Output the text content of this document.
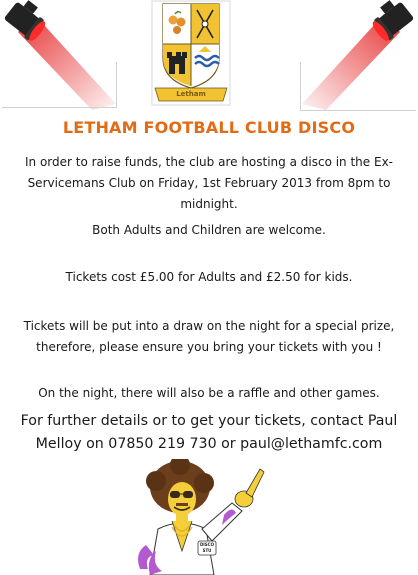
Letham
LETHAM FOOTBALL CLUB DISCO
In order to raise funds, the club are hosting a disco in the Ex-Servicemans Club on Friday, 1st February 2013 from 8pm to midnight.
Both Adults and Children are welcome.
Tickets cost £5.00 for Adults and £2.50 for kids.
Tickets will be put into a draw on the night for a special prize, therefore, please ensure you bring your tickets with you !
On the night, there will also be a raffle and other games.
For further details or to get your tickets, contact Paul Melloy on 07850 219 730 or paul@lethamfc.com
DISCO STU
